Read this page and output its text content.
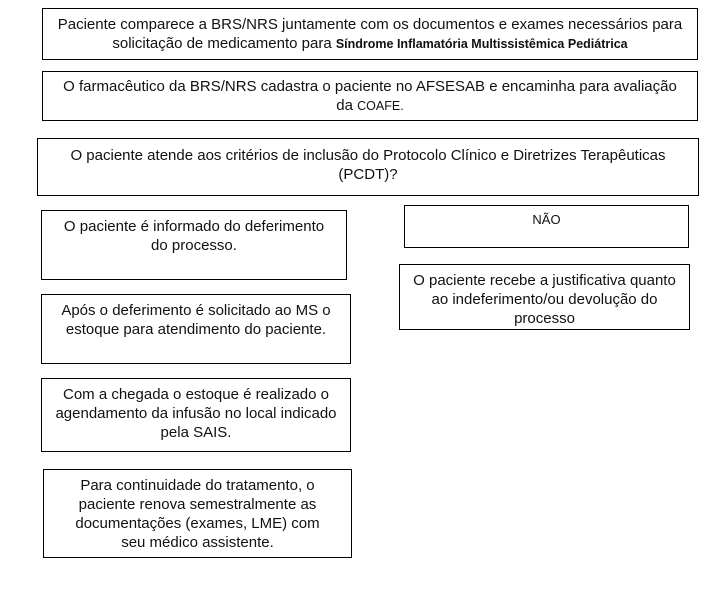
Paciente comparece a BRS/NRS juntamente com os documentos e exames necessários para solicitação de medicamento para Síndrome Inflamatória Multissistêmica Pediátrica
O farmacêutico da BRS/NRS cadastra o paciente no AFSESAB e encaminha para avaliação da COAFE.
O paciente atende aos critérios de inclusão do Protocolo Clínico e Diretrizes Terapêuticas (PCDT)?
O paciente é informado do deferimento do processo.
Após o deferimento é solicitado ao MS o estoque para atendimento do paciente.
Com a chegada o estoque é realizado o agendamento da infusão no local indicado pela SAIS.
Para continuidade do tratamento, o paciente renova semestralmente as documentações (exames, LME) com seu médico assistente.
NÃO
O paciente recebe a justificativa quanto ao indeferimento/ou devolução do processo
